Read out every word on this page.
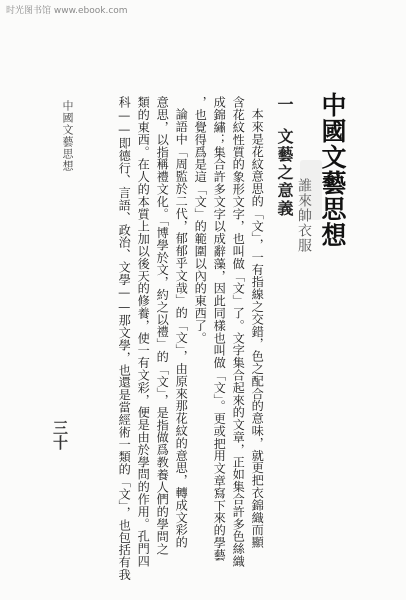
时光图书馆 www.ebook.com
中國文藝思想
誰來帥衣服
一
文藝之意義
本來是花紋意思的「文」，一有指線之交錯，色之配合的意味，就更把衣錦織而顯
含花紋性質的象形文字，也叫做「文」了。文字集合起來的文章，正如集合許多色絲織
成錦繡；集合許多文字以成辭藻，因此同樣也叫做「文」。更或把用文章寫下來的學藝
，也覺得爲是這「文」的範圍以內的東西了。
論語中「周監於二代，郁郁乎文哉」的「文」，由原來那花紋的意思，轉成文彩的
意思，以指稱禮文化。「博學於文，約之以禮」的「文」，是指做爲教養人們的學問之
類的東西。在人的本質上加以後天的修養，使一有文彩，便是由於學問的作用。孔門四
科——即德行、言語、政治、文學——那文學，也還是當經術一類的「文」，也包括有我
中國文藝思想
三十
